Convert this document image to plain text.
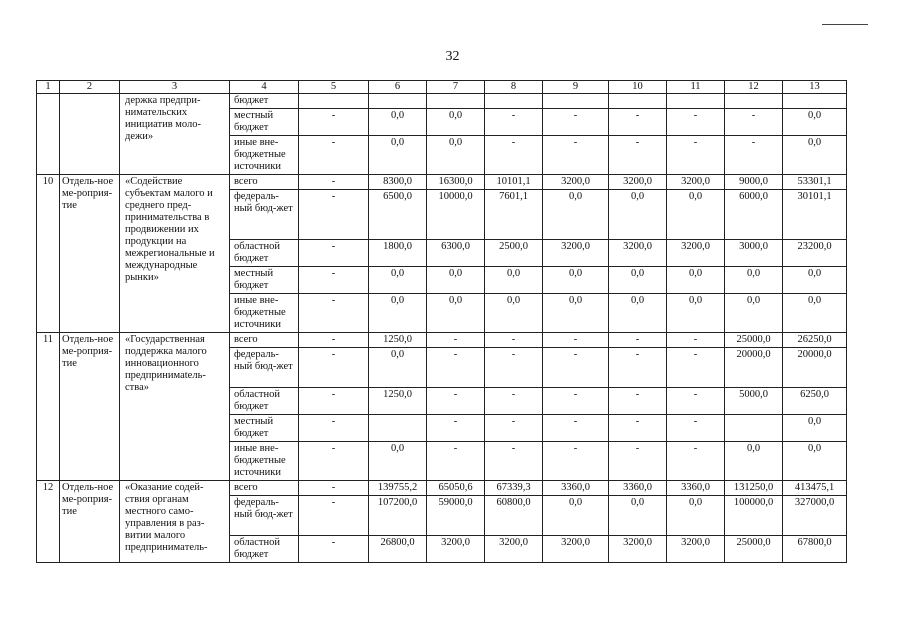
32
1	2	3	4	5	6	7	8	9	10	11	12	13
		держка предпри-нимательских инициатив моло-дежи»	бюджет									
			местный бюджет	-	0,0	0,0	-	-	-	-	-	0,0
			иные вне-бюджетные источники	-	0,0	0,0	-	-	-	-	-	0,0
10	Отдель-ное ме-роприя-тие	«Содействие субъектам малого и среднего пред-принимательства в продвижении их продукции на межрегиональные и международные рынки»	всего	-	8300,0	16300,0	10101,1	3200,0	3200,0	3200,0	9000,0	53301,1
			федераль-ный бюд-жет	-	6500,0	10000,0	7601,1	0,0	0,0	0,0	6000,0	30101,1
			областной бюджет	-	1800,0	6300,0	2500,0	3200,0	3200,0	3200,0	3000,0	23200,0
			местный бюджет	-	0,0	0,0	0,0	0,0	0,0	0,0	0,0	0,0
			иные вне-бюджетные источники	-	0,0	0,0	0,0	0,0	0,0	0,0	0,0	0,0
11	Отдель-ное ме-роприя-тие	«Государственная поддержка малого инновационного предпринимatель-ства»	всего	-	1250,0	-	-	-	-	-	25000,0	26250,0
			федераль-ный бюд-жет	-	0,0	-	-	-	-	-	20000,0	20000,0
			областной бюджет	-	1250,0	-	-	-	-	-	5000,0	6250,0
			местный бюджет	-		-	-	-	-	-		0,0
			иные вне-бюджетные источники	-	0,0	-	-	-	-	-	0,0	0,0
12	Отдель-ное ме-роприя-тие	«Оказание содей-ствия органам местного само-управления в раз-витии малого предпринимaтель-	всего	-	139755,2	65050,6	67339,3	3360,0	3360,0	3360,0	131250,0	413475,1
			федераль-ный бюд-жет	-	107200,0	59000,0	60800,0	0,0	0,0	0,0	100000,0	327000,0
			областной бюджет	-	26800,0	3200,0	3200,0	3200,0	3200,0	3200,0	25000,0	67800,0
